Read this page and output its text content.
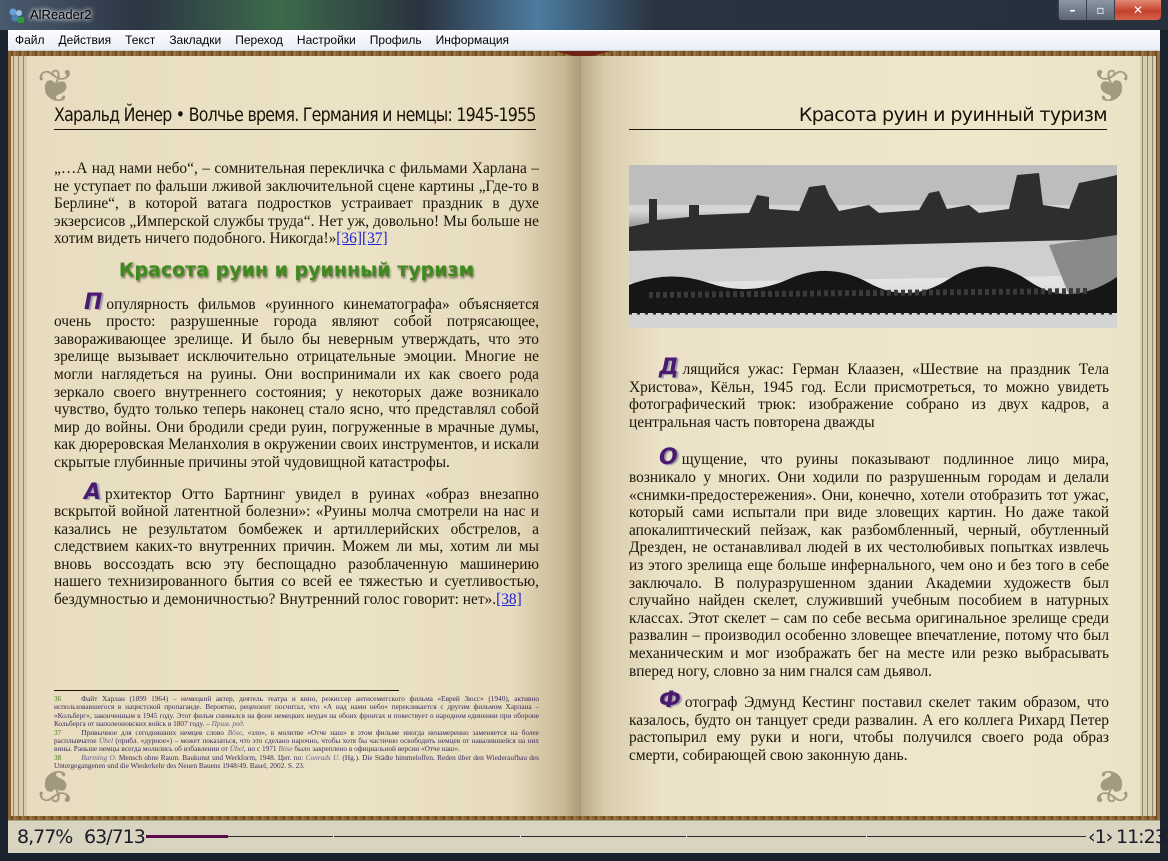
AlReader2	–	▫	✕
Файл	Действия	Текст	Закладки	Переход	Настройки	Профиль	Информация
❦
❦
Харальд Йенер • Волчье время. Германия и немцы: 1945-1955

„…А над нами небо“, – сомнительная перекличка с фильмами Харлана – не уступает по фальши лживой заключительной сцене картины „Где-то в Берлине“, в которой ватага подростков устраивает праздник в духе экзерсисов „Имперской службы труда“. Нет уж, довольно! Мы больше не хотим видеть ничего подобного. Никогда!»[36][37]

Красота руин и руинный туризм

П опулярность фильмов «руинного кинематографа» объясняется очень просто: разрушенные города являют собой потрясающее, завораживающее зрелище. И было бы неверным утверждать, что это зрелище вызывает исключительно отрицательные эмоции. Многие не могли наглядеться на руины. Они воспринимали их как своего рода зеркало своего внутреннего состояния; у некоторых даже возникало чувство, будто только теперь наконец стало ясно, что́ представлял собой мир до войны. Они бродили среди руин, погруженные в мрачные думы, как дюреровская Меланхолия в окружении своих инструментов, и искали скрытые глубинные причины этой чудовищной катастрофы.

А рхитектор Отто Бартнинг увидел в руинах «образ внезапно вскрытой войной латентной болезни»: «Руины молча смотрели на нас и казались не результатом бомбежек и артиллерийских обстрелов, а следствием каких-то внутренних причин. Можем ли мы, хотим ли мы вновь воссоздать всю эту беспощадно разоблаченную машинерию нашего технизированного бытия со всей ее тяжестью и суетливостью, бездумностью и демоничностью? Внутренний голос говорит: нет».[38]

36	Файт Харлан (1899 1964) – немецкий актер, деятель театра и кино, режиссер антисемитского фильма «Еврей Зюсс» (1940), активно использовавшегося в нацистской пропаганде. Вероятно, рецензент посчитал, что «А над нами небо» перекликается с другим фильмом Харлана – «Кольберг», законченным в 1945 году. Этот фильм снимался на фоне немецких неудач на обоих фронтах и повествует о народном единении при обороне Кольберга от наполеоновских войск в 1807 году. – Прим. ред.
37	Привычное для сегодняшних немцев слово Böse, «зло», в молитве «Отче наш» в этом фильме иногда ненамеренно заменяется на более расплывчатое Übel (прибл. «дурное») – может показаться, что это сделано нарочно, чтобы хотя бы частично освободить немцев от навалившейся на них вины. Раньше немцы всегда молились об избавлении от Übel, но с 1971 Böse было закреплено в официальной версии «Отче наш».
38	Bartning O. Mensch ohne Raum. Baukunst und Werkform, 1948. Цит. по: Conrads U. (Hg.). Die Städte himmeloffen. Reden über den Wiederaufbau des Untergegangenen und die Wiederkehr des Neuen Bauens 1948/49. Basel, 2002. S. 23.
❦
❦
Красота руин и руинный туризм

Д лящийся ужас: Герман Клаазен, «Шествие на праздник Тела Христова», Кёльн, 1945 год. Если присмотреться, то можно увидеть фотографический трюк: изображение собрано из двух кадров, а центральная часть повторена дважды

О щущение, что руины показывают подлинное лицо мира, возникало у многих. Они ходили по разрушенным городам и делали «снимки-предостережения». Они, конечно, хотели отобразить тот ужас, который сами испытали при виде зловещих картин. Но даже такой апокалиптический пейзаж, как разбомбленный, черный, обутленный Дрезден, не останавливал людей в их честолюбивых попытках извлечь из этого зрелища еще больше инфернального, чем оно и без того в себе заключало. В полуразрушенном здании Академии художеств был случайно найден скелет, служивший учебным пособием в натурных классах. Этот скелет – сам по себе весьма оригинальное зрелище среди развалин – производил особенно зловещее впечатление, потому что был механическим и мог изображать бег на месте или резко выбрасывать вперед ногу, словно за ним гнался сам дьявол.

Ф отограф Эдмунд Кестинг поставил скелет таким образом, что казалось, будто он танцует среди развалин. А его коллега Рихард Петер растопырил ему руки и ноги, чтобы получился своего рода образ смерти, собирающей свою законную дань.

8,77% 63/713	‹1› 11:23
